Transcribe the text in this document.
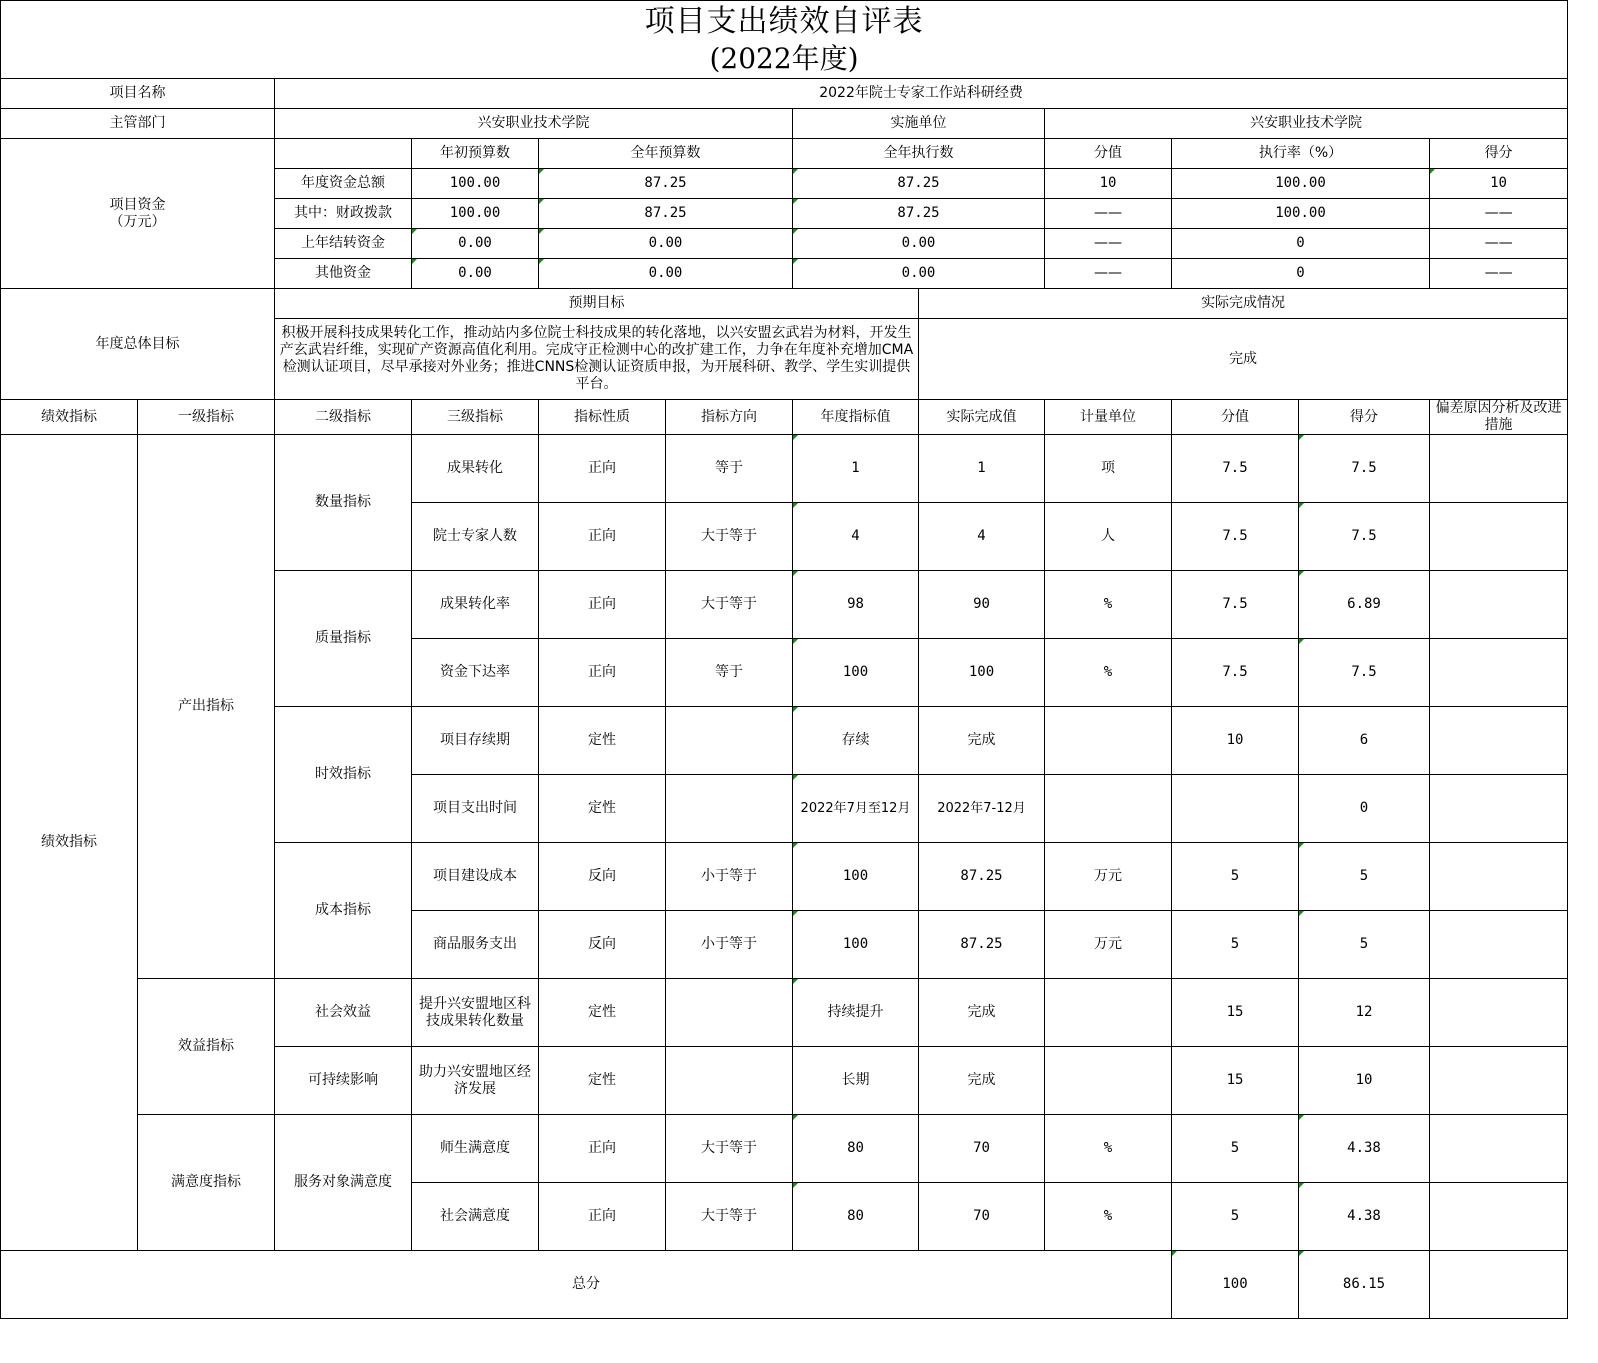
项目支出绩效自评表
(2022年度)											

项目名称		2022年院士专家工作站科研经费									
主管部门		兴安职业技术学院				实施单位		兴安职业技术学院			

项目资金
（万元）			年初预算数	全年预算数		全年执行数		分值	执行率（%）		得分
		年度资金总额	100.00	87.25		87.25		10	100.00		10
		其中：财政拨款	100.00	87.25		87.25		——	100.00		——
		上年结转资金	0.00	0.00		0.00		——	0		——
		其他资金	0.00	0.00		0.00		——	0		——
年度总体目标		预期目标					实际完成情况				
		积极开展科技成果转化工作，推动站内多位院士科技成果的转化落地，以兴安盟玄武岩为材料，开发生产玄武岩纤维，实现矿产资源高值化利用。完成守正检测中心的改扩建工作，力争在年度补充增加CMA检测认证项目，尽早承接对外业务；推进CNNS检测认证资质申报，为开展科研、教学、学生实训提供平台。					完成				
绩效指标	一级指标	二级指标	三级指标	指标性质	指标方向	年度指标值	实际完成值	计量单位	分值	得分	偏差原因分析及改进措施
绩效指标	产出指标	数量指标	成果转化	正向	等于	1	1	项	7.5	7.5	
			院士专家人数	正向	大于等于	4	4	人	7.5	7.5	
		质量指标	成果转化率	正向	大于等于	98	90	%	7.5	6.89	
			资金下达率	正向	等于	100	100	%	7.5	7.5	
		时效指标	项目存续期	定性		存续	完成		10	6	
			项目支出时间	定性		2022年7月至12月	2022年7-12月			0	
		成本指标	项目建设成本	反向	小于等于	100	87.25	万元	5	5	
			商品服务支出	反向	小于等于	100	87.25	万元	5	5	
	效益指标	社会效益	提升兴安盟地区科技成果转化数量	定性		持续提升	完成		15	12	
		可持续影响	助力兴安盟地区经济发展	定性		长期	完成		15	10	
	满意度指标	服务对象满意度	师生满意度	正向	大于等于	80	70	%	5	4.38	
			社会满意度	正向	大于等于	80	70	%	5	4.38	
总分									100	86.15	
